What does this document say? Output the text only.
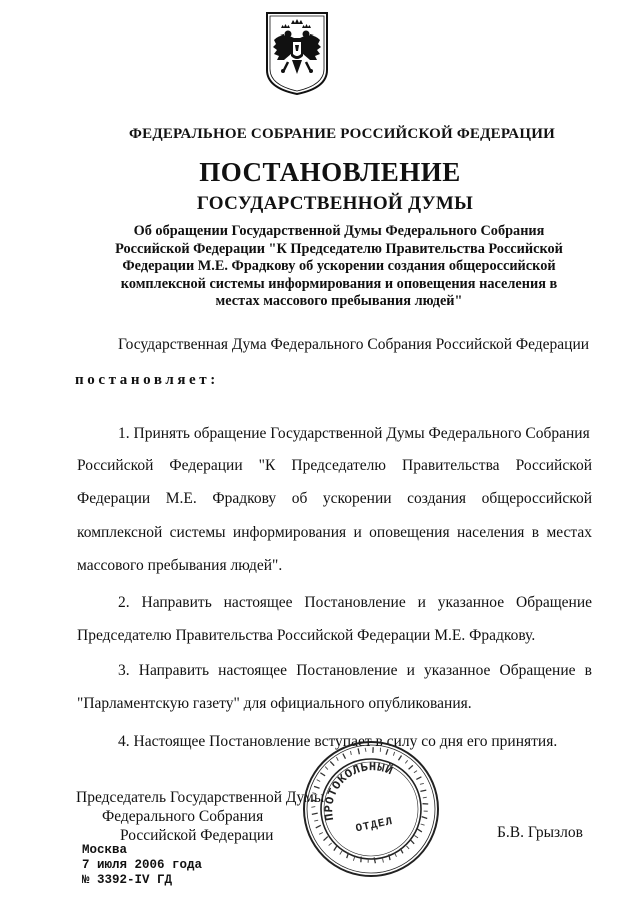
ФЕДЕРАЛЬНОЕ СОБРАНИЕ РОССИЙСКОЙ ФЕДЕРАЦИИ
ПОСТАНОВЛЕНИЕ
ГОСУДАРСТВЕННОЙ ДУМЫ
Об обращении Государственной Думы Федерального Собрания
Российской Федерации "К Председателю Правительства Российской
Федерации М.Е. Фрадкову об ускорении создания общероссийской
комплексной системы информирования и оповещения населения в
местах массового пребывания людей"
Государственная Дума Федерального Собрания Российской Федерации
постановляет:
1. Принять обращение Государственной Думы Федерального Собрания
Российской Федерации "К Председателю Правительства Российской
Федерации М.Е. Фрадкову об ускорении создания общероссийской
комплексной системы информирования и оповещения населения в местах
массового пребывания людей".
2. Направить настоящее Постановление и указанное Обращение
Председателю Правительства Российской Федерации М.Е. Фрадкову.
3. Направить настоящее Постановление и указанное Обращение в
"Парламентскую газету" для официального опубликования.
4. Настоящее Постановление вступает в силу со дня его принятия.
Председатель Государственной Думы
Федерального Собрания
Российской Федерации	Б.В. Грызлов
Москва
7 июля 2006 года
№ 3392-IV ГД
ПРОТОКОЛЬНЫЙ
ОТДЕЛ
